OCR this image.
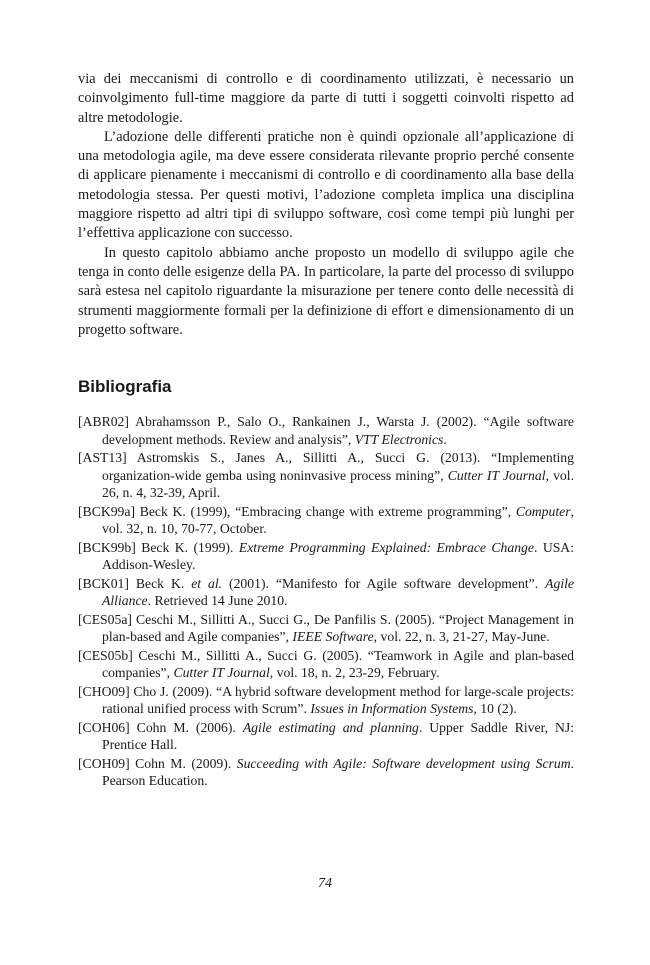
via dei meccanismi di controllo e di coordinamento utilizzati, è necessario un coinvolgimento full-time maggiore da parte di tutti i soggetti coinvolti rispetto ad altre metodologie.

L’adozione delle differenti pratiche non è quindi opzionale all’applicazione di una metodologia agile, ma deve essere considerata rilevante proprio perché consente di applicare pienamente i meccanismi di controllo e di coordinamento alla base della metodologia stessa. Per questi motivi, l’adozione completa implica una disciplina maggiore rispetto ad altri tipi di sviluppo software, così come tempi più lunghi per l’effettiva applicazione con successo.

In questo capitolo abbiamo anche proposto un modello di sviluppo agile che tenga in conto delle esigenze della PA. In particolare, la parte del processo di sviluppo sarà estesa nel capitolo riguardante la misurazione per tenere conto delle necessità di strumenti maggiormente formali per la definizione di effort e dimensionamento di un progetto software.

Bibliografia
[ABR02] Abrahamsson P., Salo O., Rankainen J., Warsta J. (2002). “Agile software development methods. Review and analysis”, VTT Electronics.
[AST13] Astromskis S., Janes A., Sillitti A., Succi G. (2013). “Implementing organization-wide gemba using noninvasive process mining”, Cutter IT Journal, vol. 26, n. 4, 32-39, April.
[BCK99a] Beck K. (1999), “Embracing change with extreme programming”, Computer, vol. 32, n. 10, 70-77, October.
[BCK99b] Beck K. (1999). Extreme Programming Explained: Embrace Change. USA: Addison-Wesley.
[BCK01] Beck K. et al. (2001). “Manifesto for Agile software development”. Agile Alliance. Retrieved 14 June 2010.
[CES05a] Ceschi M., Sillitti A., Succi G., De Panfilis S. (2005). “Project Management in plan-based and Agile companies”, IEEE Software, vol. 22, n. 3, 21-27, May-June.
[CES05b] Ceschi M., Sillitti A., Succi G. (2005). “Teamwork in Agile and plan-based companies”, Cutter IT Journal, vol. 18, n. 2, 23-29, February.
[CHO09] Cho J. (2009). “A hybrid software development method for large-scale projects: rational unified process with Scrum”. Issues in Information Systems, 10 (2).
[COH06] Cohn M. (2006). Agile estimating and planning. Upper Saddle River, NJ: Prentice Hall.
[COH09] Cohn M. (2009). Succeeding with Agile: Software development using Scrum. Pearson Education.
74
